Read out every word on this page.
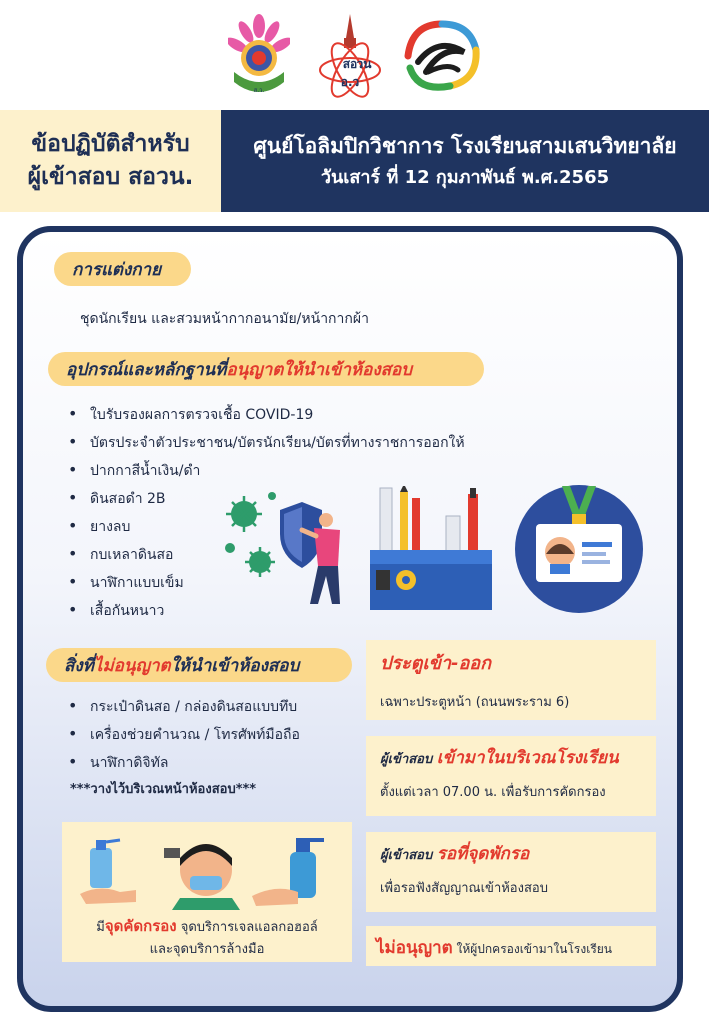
ส.ว.
สอ วน
อ.ว
ข้อปฏิบัติสำหรับ
ผู้เข้าสอบ สอวน.
ศูนย์โอลิมปิกวิชาการ โรงเรียนสามเสนวิทยาลัย
วันเสาร์ ที่ 12 กุมภาพันธ์ พ.ศ.2565
การแต่งกาย
ชุดนักเรียน และสวมหน้ากากอนามัย/หน้ากากผ้า
อุปกรณ์และหลักฐานที่ อนุญาตให้นำเข้าห้องสอบ
• ใบรับรองผลการตรวจเชื้อ COVID-19
• บัตรประจำตัวประชาชน/บัตรนักเรียน/บัตรที่ทางราชการออกให้
• ปากกาสีน้ำเงิน/ดำ
• ดินสอดำ 2B
• ยางลบ
• กบเหลาดินสอ
• นาฬิกาแบบเข็ม
• เสื้อกันหนาว
สิ่งที่ ไม่อนุญาต ให้นำเข้าห้องสอบ
• กระเป๋าดินสอ / กล่องดินสอแบบทึบ
• เครื่องช่วยคำนวณ / โทรศัพท์มือถือ
• นาฬิกาดิจิทัล
***วางไว้บริเวณหน้าห้องสอบ***
มีจุดคัดกรอง จุดบริการเจลแอลกอฮอล์
และจุดบริการล้างมือ
ประตูเข้า-ออก
เฉพาะประตูหน้า (ถนนพระราม 6)
ผู้เข้าสอบ เข้ามาในบริเวณโรงเรียน
ตั้งแต่เวลา 07.00 น. เพื่อรับการคัดกรอง
ผู้เข้าสอบ รอที่จุดพักรอ
เพื่อรอฟังสัญญาณเข้าห้องสอบ
ไม่อนุญาต ให้ผู้ปกครองเข้ามาในโรงเรียน
